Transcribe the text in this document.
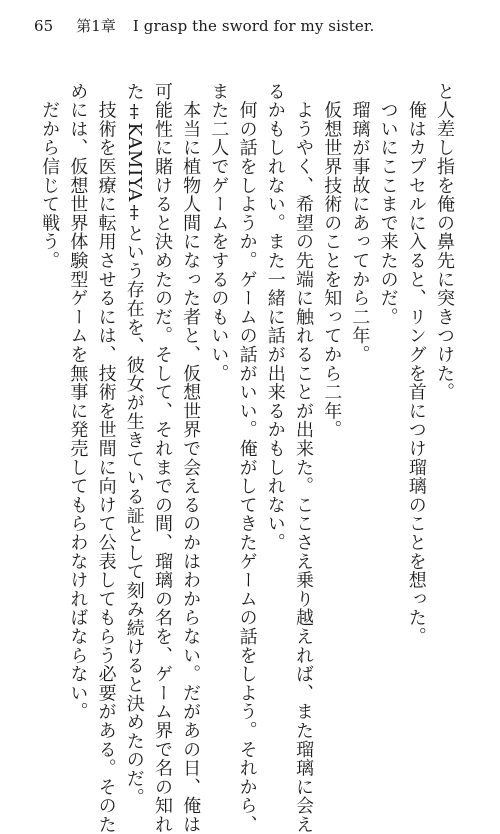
65 第1章 I grasp the sword for my sister.
と人差し指を俺の鼻先に突きつけた。
　俺はカプセルに入ると、リングを首につけ瑠璃のことを想った。
　ついにここまで来たのだ。
　瑠璃が事故にあってから二年。
　仮想世界技術のことを知ってから二年。
　ようやく、希望の先端に触れることが出来た。ここさえ乗り越えれば、また瑠璃に会え
るかもしれない。また一緒に話が出来るかもしれない。
　何の話をしようか。ゲームの話がいい。俺がしてきたゲームの話をしよう。それから、
また二人でゲームをするのもいい。
　本当に植物人間になった者と、仮想世界で会えるのかはわからない。だがあの日、俺は
可能性に賭けると決めたのだ。そして、それまでの間、瑠璃の名を、ゲーム界で名の知れ
た‡KAMIYA‡という存在を、彼女が生きている証として刻み続けると決めたのだ。
　技術を医療に転用させるには、技術を世間に向けて公表してもらう必要がある。そのた
めには、仮想世界体験型ゲームを無事に発売してもらわなければならない。
　だから信じて戦う。
